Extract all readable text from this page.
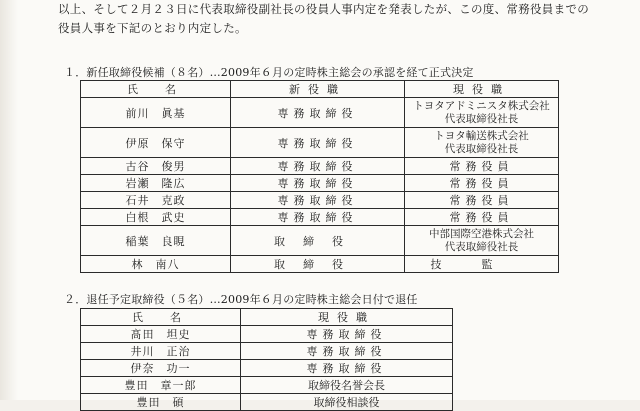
以上、そして２月２３日に代表取締役副社長の役員人事内定を発表したが、この度、常務役員までの

役員人事を下記のとおり内定した。

１．新任取締役候補（８名）…2009年６月の定時株主総会の承認を経て正式決定
氏　名	新役職	現役職
前川　眞基	専務取締役	トヨタアドミニスタ株式会社
代表取締役社長

伊原　保守	専務取締役	トヨタ輸送株式会社
代表取締役社長

古谷　俊男	専務取締役	常務役員
岩瀬　隆広	専務取締役	常務役員
石井　克政	専務取締役	常務役員
白根　武史	専務取締役	常務役員
稲葉　良睍	取締役	中部国際空港株式会社
代表取締役社長

林　南八	取締役	技監
２．退任予定取締役（５名）…2009年６月の定時株主総会日付で退任
氏　名	現役職
髙田　坦史	専務取締役
井川　正治	専務取締役
伊奈　功一	専務取締役
豊田　章一郎	取締役名誉会長
豊田　碩	取締役相談役
